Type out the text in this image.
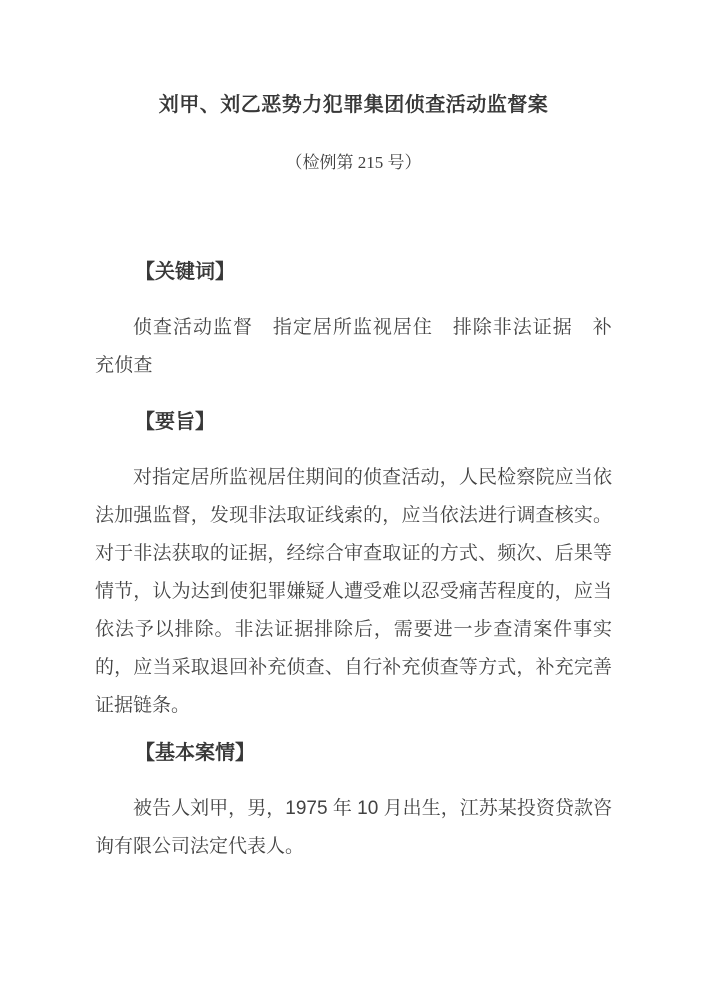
刘甲、刘乙恶势力犯罪集团侦查活动监督案

（检例第 215 号）

【关键词】

侦查活动监督　指定居所监视居住　排除非法证据　补充侦查

【要旨】

对指定居所监视居住期间的侦查活动，人民检察院应当依法加强监督，发现非法取证线索的，应当依法进行调查核实。对于非法获取的证据，经综合审查取证的方式、频次、后果等情节，认为达到使犯罪嫌疑人遭受难以忍受痛苦程度的，应当依法予以排除。非法证据排除后，需要进一步查清案件事实的，应当采取退回补充侦查、自行补充侦查等方式，补充完善证据链条。

【基本案情】

被告人刘甲，男，1975 年 10 月出生，江苏某投资贷款咨询有限公司法定代表人。
